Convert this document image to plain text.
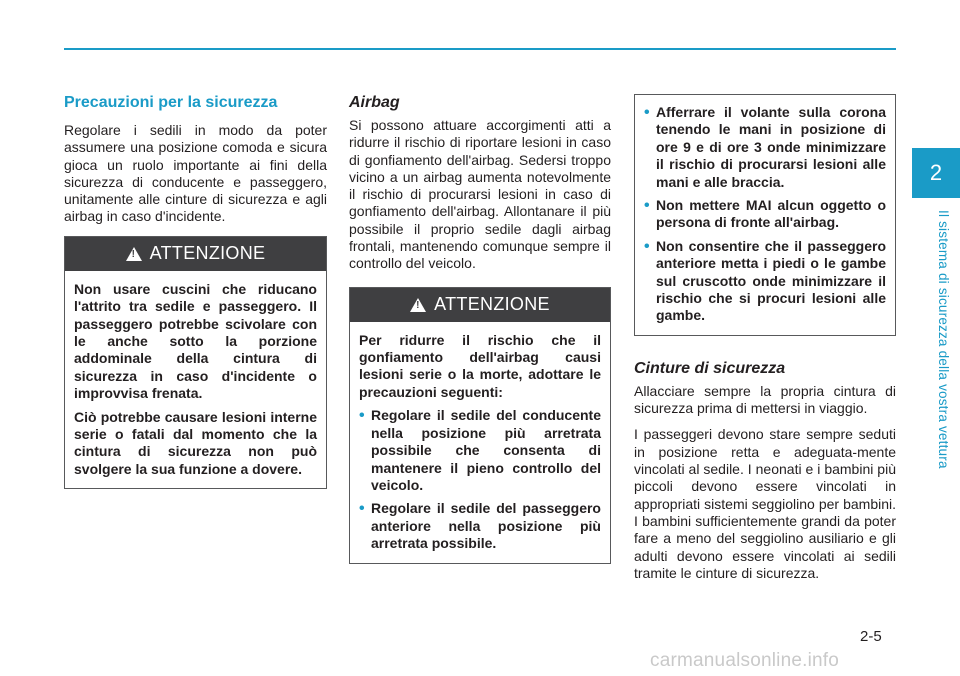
2
Il sistema di sicurezza della vostra vettura
Precauzioni per la sicurezza
Regolare i sedili in modo da poter assumere una posizione comoda e sicura gioca un ruolo importante ai fini della sicurezza di conducente e passeggero, unitamente alle cinture di sicurezza e agli airbag in caso d'incidente.
!
ATTENZIONE
Non usare cuscini che riducano l'attrito tra sedile e passeggero. Il passeggero potrebbe scivolare con le anche sotto la porzione addominale della cintura di sicurezza in caso d'incidente o improvvisa frenata.
Ciò potrebbe causare lesioni interne serie o fatali dal momento che la cintura di sicurezza non può svolgere la sua funzione a dovere.
Airbag
Si possono attuare accorgimenti atti a ridurre il rischio di riportare lesioni in caso di gonfiamento dell'airbag. Sedersi troppo vicino a un airbag aumenta notevolmente il rischio di procurarsi lesioni in caso di gonfiamento dell'airbag. Allontanare il più possibile il proprio sedile dagli airbag frontali, mantenendo comunque sempre il controllo del veicolo.
!
ATTENZIONE
Per ridurre il rischio che il gonfiamento dell'airbag causi lesioni serie o la morte, adottare le precauzioni seguenti:
• Regolare il sedile del conducente nella posizione più arretrata possibile che consenta di mantenere il pieno controllo del veicolo.
• Regolare il sedile del passeggero anteriore nella posizione più arretrata possibile.
• Afferrare il volante sulla corona tenendo le mani in posizione di ore 9 e di ore 3 onde minimizzare il rischio di procurarsi lesioni alle mani e alle braccia.
• Non mettere MAI alcun oggetto o persona di fronte all'airbag.
• Non consentire che il passeggero anteriore metta i piedi o le gambe sul cruscotto onde minimizzare il rischio che si procuri lesioni alle gambe.
Cinture di sicurezza
Allacciare sempre la propria cintura di sicurezza prima di mettersi in viaggio.
I passeggeri devono stare sempre seduti in posizione retta e adeguata-mente vincolati al sedile. I neonati e i bambini più piccoli devono essere vincolati in appropriati sistemi seggiolino per bambini. I bambini sufficientemente grandi da poter fare a meno del seggiolino ausiliario e gli adulti devono essere vincolati ai sedili tramite le cinture di sicurezza.
2-5
carmanualsonline.info
